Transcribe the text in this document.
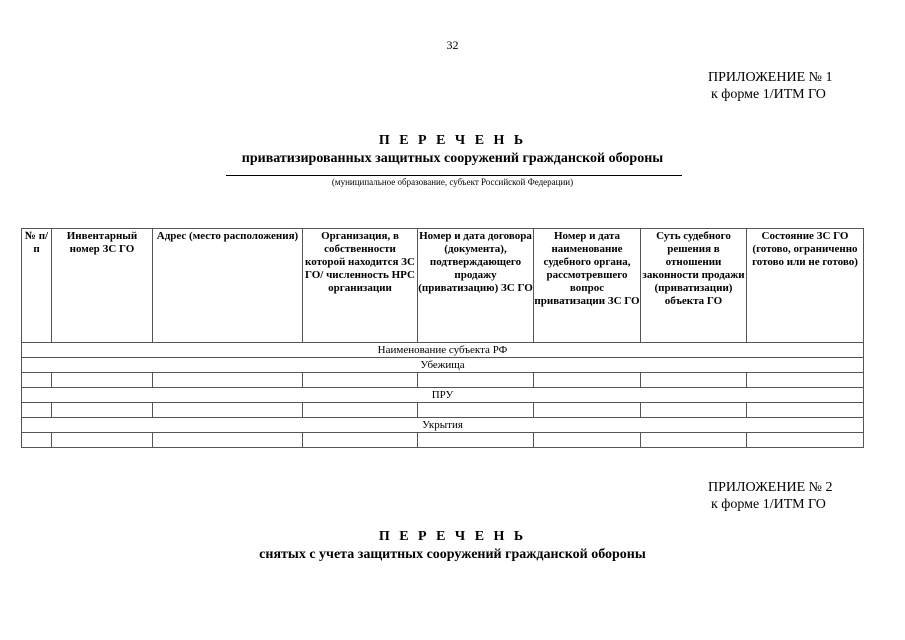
32
ПРИЛОЖЕНИЕ № 1
к форме 1/ИТМ ГО
П Е Р Е Ч Е Н Ь
приватизированных защитных сооружений гражданской обороны
(муниципальное образование, субъект Российской Федерации)
№ п/п	Инвентарный номер ЗС ГО	Адрес (место расположения)	Организация, в собственности которой находится ЗС ГО/ численность НРС организации	Номер и дата договора (документа), подтверждающего продажу (приватизацию) ЗС ГО	Номер и дата наименование судебного органа, рассмотревшего вопрос приватизации ЗС ГО	Суть судебного решения в отношении законности продажи (приватизации) объекта ГО	Состояние ЗС ГО (готово, ограниченно готово или не готово)
Наименование субъекта РФ							
Убежища							

ПРУ							

Укрытия							

ПРИЛОЖЕНИЕ № 2
к форме 1/ИТМ ГО
П Е Р Е Ч Е Н Ь
снятых с учета защитных сооружений гражданской обороны
